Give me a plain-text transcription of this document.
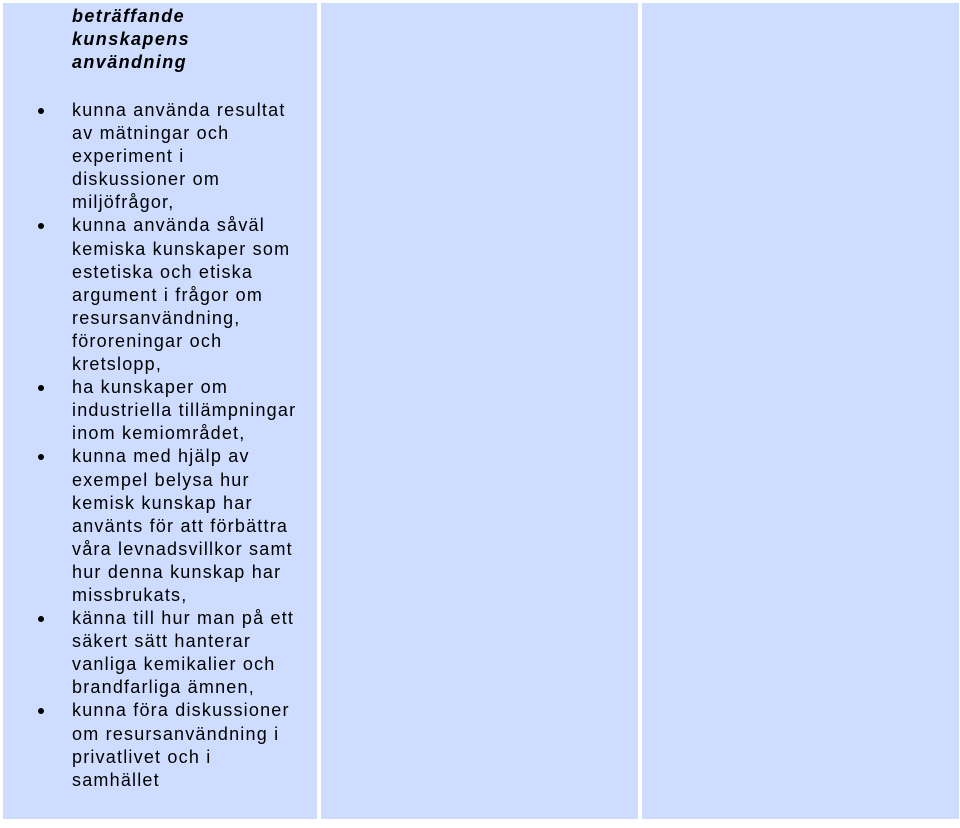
beträffande
kunskapens
användning
kunna använda resultat
av mätningar och
experiment i
diskussioner om
miljöfrågor,
kunna använda såväl
kemiska kunskaper som
estetiska och etiska
argument i frågor om
resursanvändning,
föroreningar och
kretslopp,
ha kunskaper om
industriella tillämpningar
inom kemiområdet,
kunna med hjälp av
exempel belysa hur
kemisk kunskap har
använts för att förbättra
våra levnadsvillkor samt
hur denna kunskap har
missbrukats,
känna till hur man på ett
säkert sätt hanterar
vanliga kemikalier och
brandfarliga ämnen,
kunna föra diskussioner
om resursanvändning i
privatlivet och i
samhället
